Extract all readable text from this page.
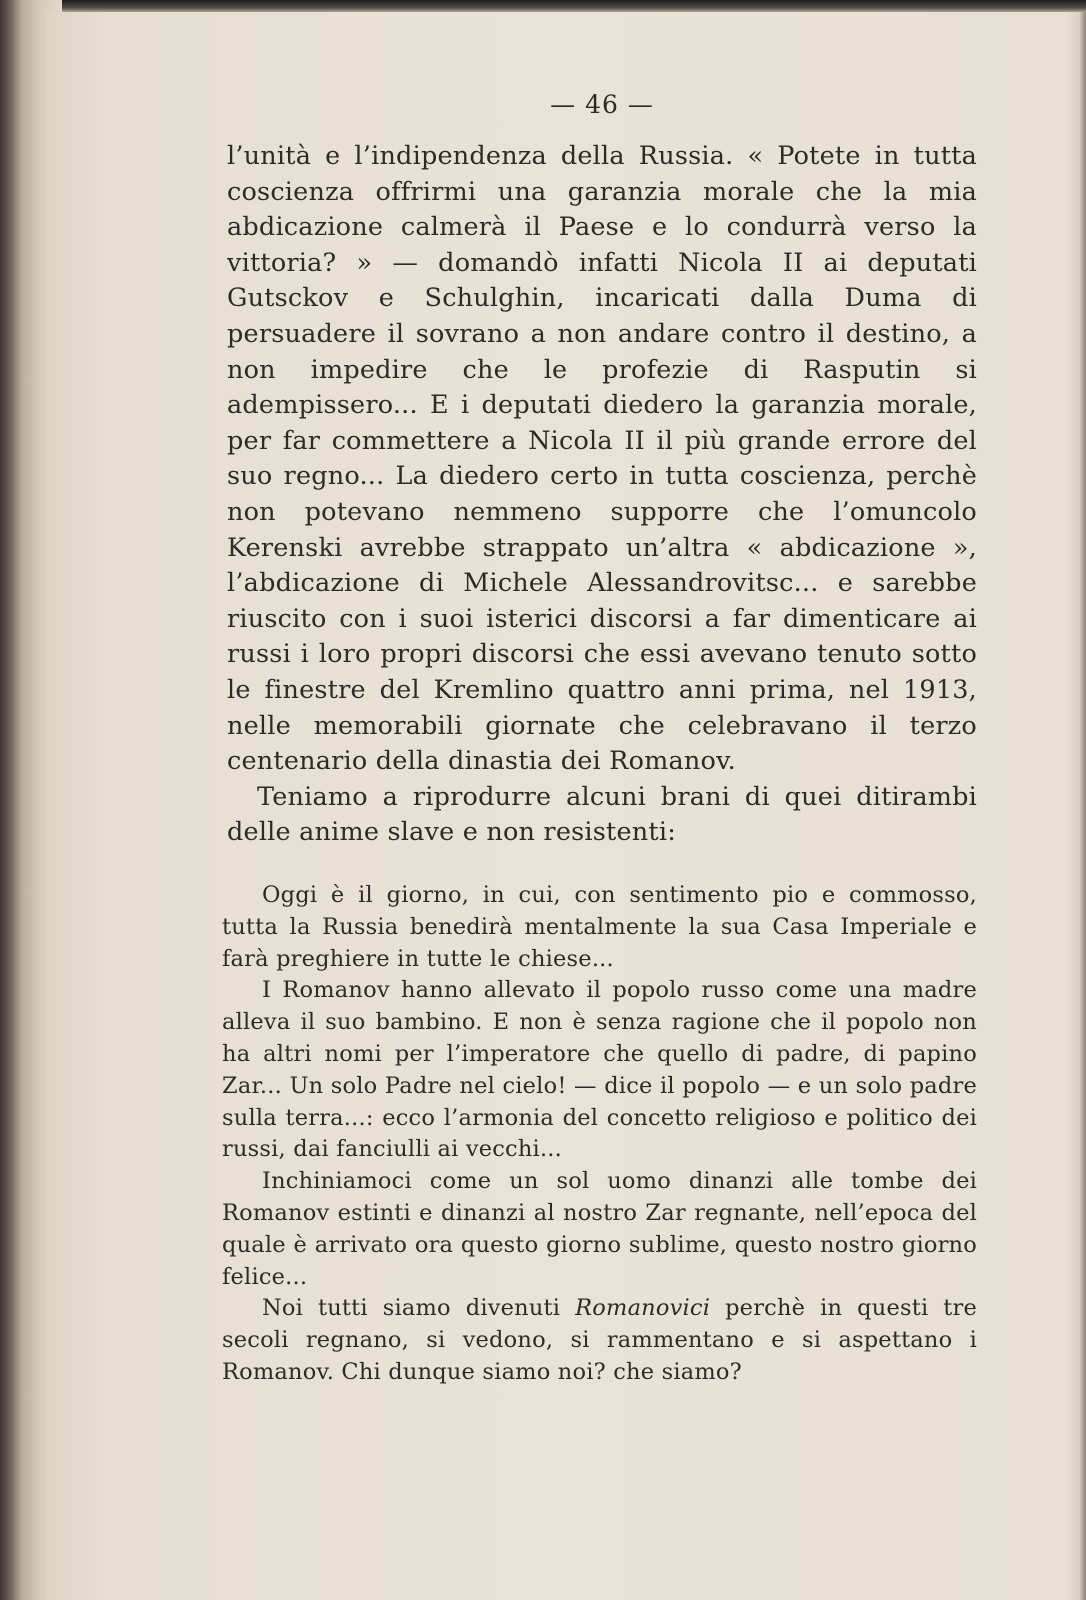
— 46 —

l’unità e l’indipendenza della Russia. « Potete in tutta coscienza offrirmi una garanzia morale che la mia abdicazione calmerà il Paese e lo condurrà verso la vittoria? » — domandò infatti Nicola II ai deputati Gutsckov e Schulghin, incaricati dalla Duma di persuadere il sovrano a non andare contro il destino, a non impedire che le profezie di Rasputin si adempissero... E i deputati diedero la garanzia morale, per far commettere a Nicola II il più grande errore del suo regno... La diedero certo in tutta coscienza, perchè non potevano nemmeno supporre che l’omuncolo Kerenski avrebbe strappato un’altra « abdicazione », l’abdicazione di Michele Alessandrovitsc... e sarebbe riuscito con i suoi isterici discorsi a far dimenticare ai russi i loro propri discorsi che essi avevano tenuto sotto le finestre del Kremlino quattro anni prima, nel 1913, nelle memorabili giornate che celebravano il terzo centenario della dinastia dei Romanov.

Teniamo a riprodurre alcuni brani di quei ditirambi delle anime slave e non resistenti:

Oggi è il giorno, in cui, con sentimento pio e commosso, tutta la Russia benedirà mentalmente la sua Casa Imperiale e farà preghiere in tutte le chiese...

I Romanov hanno allevato il popolo russo come una madre alleva il suo bambino. E non è senza ragione che il popolo non ha altri nomi per l’imperatore che quello di padre, di papino Zar... Un solo Padre nel cielo! — dice il popolo — e un solo padre sulla terra...: ecco l’armonia del concetto religioso e politico dei russi, dai fanciulli ai vecchi...

Inchiniamoci come un sol uomo dinanzi alle tombe dei Romanov estinti e dinanzi al nostro Zar regnante, nell’epoca del quale è arrivato ora questo giorno sublime, questo nostro giorno felice...

Noi tutti siamo divenuti Romanovici perchè in questi tre secoli regnano, si vedono, si rammentano e si aspettano i Romanov. Chi dunque siamo noi? che siamo?
